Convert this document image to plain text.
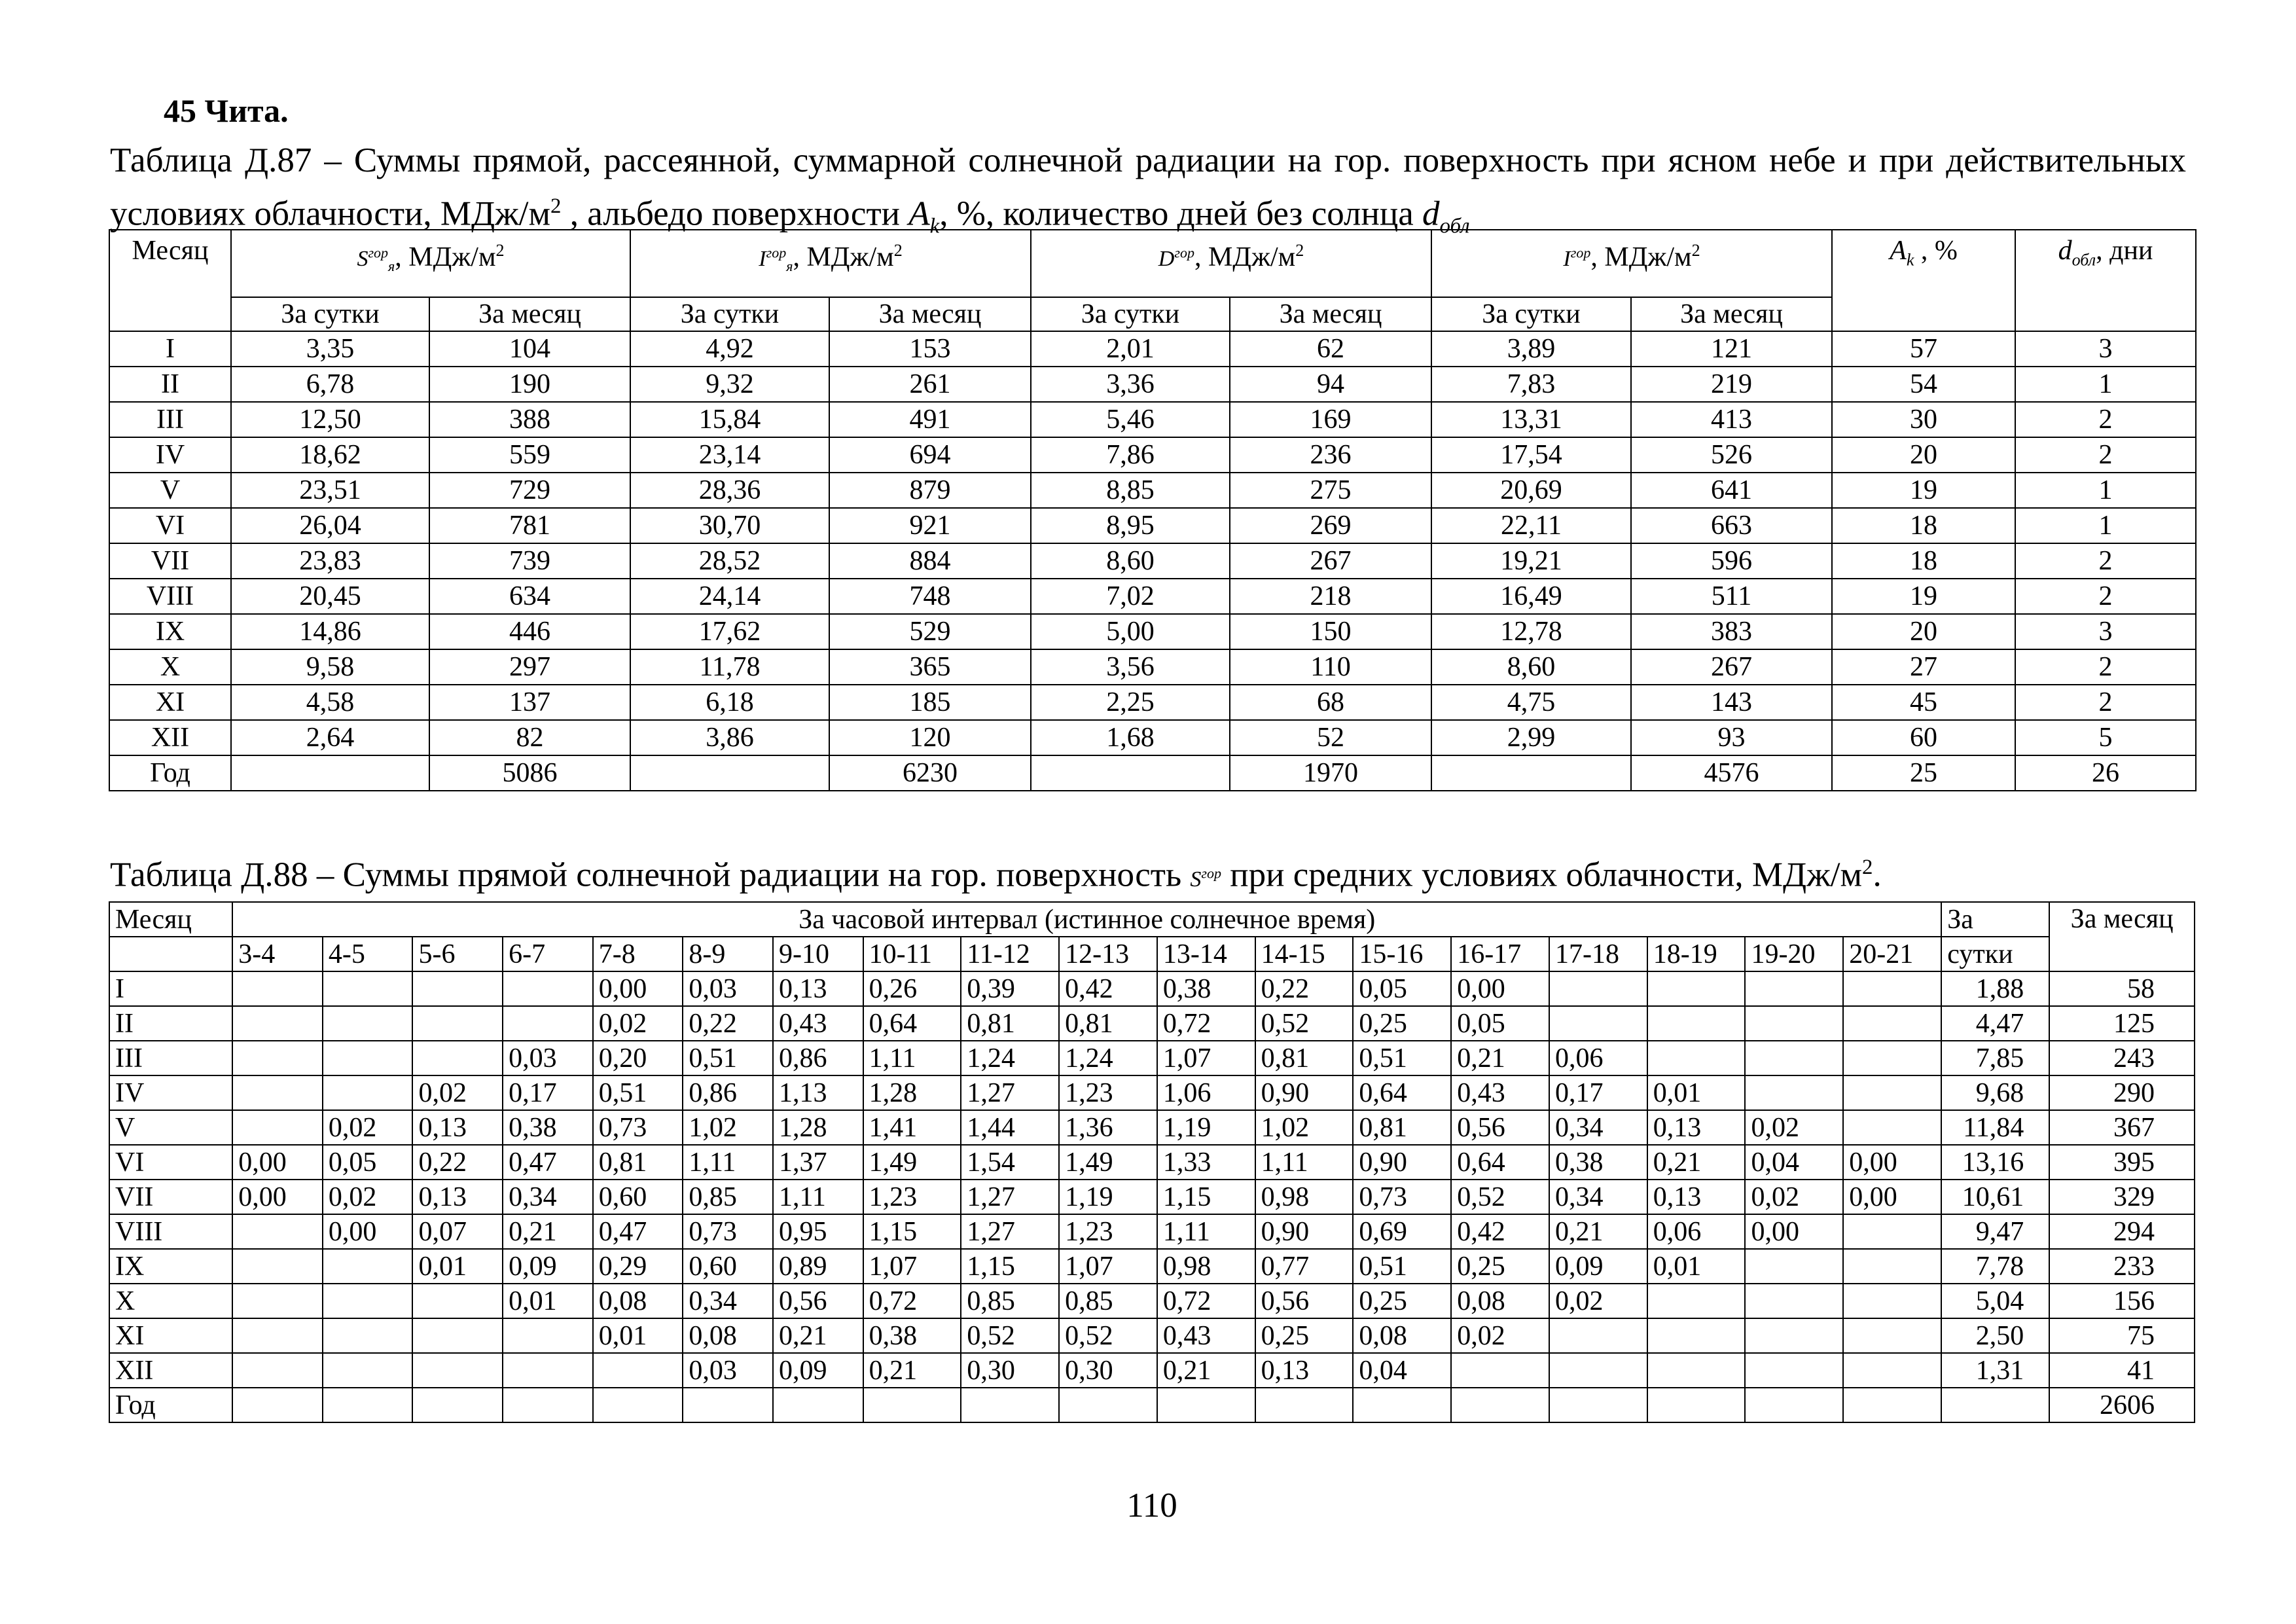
45 Чита.
Таблица Д.87 – Суммы прямой, рассеянной, суммарной солнечной радиации на гор. поверхность при ясном небе и при действительных условиях облачности, МДж/$м^2$ , альбедо поверхности $A_k$, %, количество дней без солнца $d_{обл}$
Месяц	$S^{гор}_я$, МДж/$м^2$		$I^{гор}_я$, МДж/$м^2$		$D^{гор}$, МДж/$м^2$		$I^{гор}$, МДж/$м^2$		$A_k$ , %	$d_{обл}$, дни
	За сутки	За месяц	За сутки	За месяц	За сутки	За месяц	За сутки	За месяц		
I	3,35	104	4,92	153	2,01	62	3,89	121	57	3
II	6,78	190	9,32	261	3,36	94	7,83	219	54	1
III	12,50	388	15,84	491	5,46	169	13,31	413	30	2
IV	18,62	559	23,14	694	7,86	236	17,54	526	20	2
V	23,51	729	28,36	879	8,85	275	20,69	641	19	1
VI	26,04	781	30,70	921	8,95	269	22,11	663	18	1
VII	23,83	739	28,52	884	8,60	267	19,21	596	18	2
VIII	20,45	634	24,14	748	7,02	218	16,49	511	19	2
IX	14,86	446	17,62	529	5,00	150	12,78	383	20	3
X	9,58	297	11,78	365	3,56	110	8,60	267	27	2
XI	4,58	137	6,18	185	2,25	68	4,75	143	45	2
XII	2,64	82	3,86	120	1,68	52	2,99	93	60	5
Год		5086		6230		1970		4576	25	26
Таблица Д.88 – Суммы прямой солнечной радиации на гор. поверхность $S^{гор}$ при средних условиях облачности, МДж/$м^2$.
Месяц	За часовой интервал (истинное солнечное время)																		За	За месяц
	3-4	4-5	5-6	6-7	7-8	8-9	9-10	10-11	11-12	12-13	13-14	14-15	15-16	16-17	17-18	18-19	19-20	20-21	сутки	
I					0,00	0,03	0,13	0,26	0,39	0,42	0,38	0,22	0,05	0,00					1,88	58
II					0,02	0,22	0,43	0,64	0,81	0,81	0,72	0,52	0,25	0,05					4,47	125
III				0,03	0,20	0,51	0,86	1,11	1,24	1,24	1,07	0,81	0,51	0,21	0,06				7,85	243
IV			0,02	0,17	0,51	0,86	1,13	1,28	1,27	1,23	1,06	0,90	0,64	0,43	0,17	0,01			9,68	290
V		0,02	0,13	0,38	0,73	1,02	1,28	1,41	1,44	1,36	1,19	1,02	0,81	0,56	0,34	0,13	0,02		11,84	367
VI	0,00	0,05	0,22	0,47	0,81	1,11	1,37	1,49	1,54	1,49	1,33	1,11	0,90	0,64	0,38	0,21	0,04	0,00	13,16	395
VII	0,00	0,02	0,13	0,34	0,60	0,85	1,11	1,23	1,27	1,19	1,15	0,98	0,73	0,52	0,34	0,13	0,02	0,00	10,61	329
VIII		0,00	0,07	0,21	0,47	0,73	0,95	1,15	1,27	1,23	1,11	0,90	0,69	0,42	0,21	0,06	0,00		9,47	294
IX			0,01	0,09	0,29	0,60	0,89	1,07	1,15	1,07	0,98	0,77	0,51	0,25	0,09	0,01			7,78	233
X				0,01	0,08	0,34	0,56	0,72	0,85	0,85	0,72	0,56	0,25	0,08	0,02				5,04	156
XI					0,01	0,08	0,21	0,38	0,52	0,52	0,43	0,25	0,08	0,02					2,50	75
XII						0,03	0,09	0,21	0,30	0,30	0,21	0,13	0,04						1,31	41
Год																				2606
110
